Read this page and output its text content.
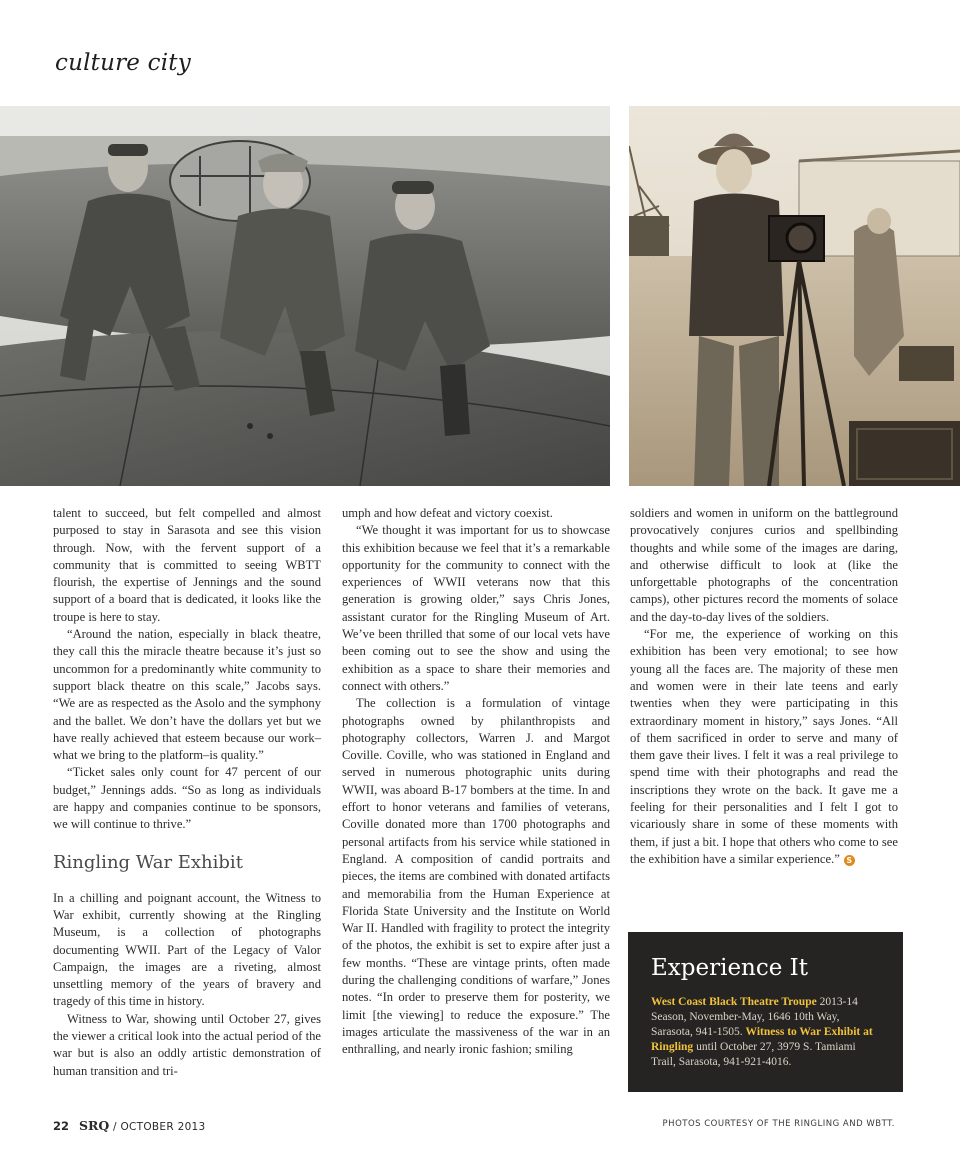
culture city

talent to succeed, but felt compelled and almost purposed to stay in Sarasota and see this vision through. Now, with the fervent support of a community that is committed to seeing WBTT flourish, the expertise of Jennings and the sound support of a board that is dedicated, it looks like the troupe is here to stay.

“Around the nation, especially in black theatre, they call this the miracle theatre because it’s just so uncommon for a predominantly white community to support black theatre on this scale,” Jacobs says. “We are as respected as the Asolo and the symphony and the ballet. We don’t have the dollars yet but we have really achieved that esteem because our work–what we bring to the platform–is quality.”

“Ticket sales only count for 47 percent of our budget,” Jennings adds. “So as long as individuals are happy and companies continue to be sponsors, we will continue to thrive.”

Ringling War Exhibit

In a chilling and poignant account, the Witness to War exhibit, currently showing at the Ringling Museum, is a collection of photographs documenting WWII. Part of the Legacy of Valor Campaign, the images are a riveting, almost unsettling memory of the years of bravery and tragedy of this time in history.

Witness to War, showing until October 27, gives the viewer a critical look into the actual period of the war but is also an oddly artistic demonstration of human transition and tri-

umph and how defeat and victory coexist.

“We thought it was important for us to showcase this exhibition because we feel that it’s a remarkable opportunity for the community to connect with the experiences of WWII veterans now that this generation is growing older,” says Chris Jones, assistant curator for the Ringling Museum of Art. We’ve been thrilled that some of our local vets have been coming out to see the show and using the exhibition as a space to share their memories and connect with others.”

The collection is a formulation of vintage photographs owned by philanthropists and photography collectors, Warren J. and Margot Coville. Coville, who was stationed in England and served in numerous photographic units during WWII, was aboard B-17 bombers at the time. In and effort to honor veterans and families of veterans, Coville donated more than 1700 photographs and personal artifacts from his service while stationed in England. A composition of candid portraits and pieces, the items are combined with donated artifacts and memorabilia from the Human Experience at Florida State University and the Institute on World War II. Handled with fragility to protect the integrity of the photos, the exhibit is set to expire after just a few months. “These are vintage prints, often made during the challenging conditions of warfare,” Jones notes. “In order to preserve them for posterity, we limit [the viewing] to reduce the exposure.” The images articulate the massiveness of the war in an enthralling, and nearly ironic fashion; smiling

soldiers and women in uniform on the battleground provocatively conjures curios and spellbinding thoughts and while some of the images are daring, and otherwise difficult to look at (like the unforgettable photographs of the concentration camps), other pictures record the moments of solace and the day-to-day lives of the soldiers.

“For me, the experience of working on this exhibition has been very emotional; to see how young all the faces are. The majority of these men and women were in their late teens and early twenties when they were participating in this extraordinary moment in history,” says Jones. “All of them sacrificed in order to serve and many of them gave their lives. I felt it was a real privilege to spend time with their photographs and read the inscriptions they wrote on the back. It gave me a feeling for their personalities and I felt I got to vicariously share in some of these moments with them, if just a bit. I hope that others who come to see the exhibition have a similar experience.” S

Experience It
West Coast Black Theatre Troupe 2013-14 Season, November-May, 1646 10th Way, Sarasota, 941-1505. Witness to War Exhibit at Ringling until October 27, 3979 S. Tamiami Trail, Sarasota, 941-921-4016.
22 SRQ / OCTOBER 2013	PHOTOS COURTESY OF THE RINGLING AND WBTT.
